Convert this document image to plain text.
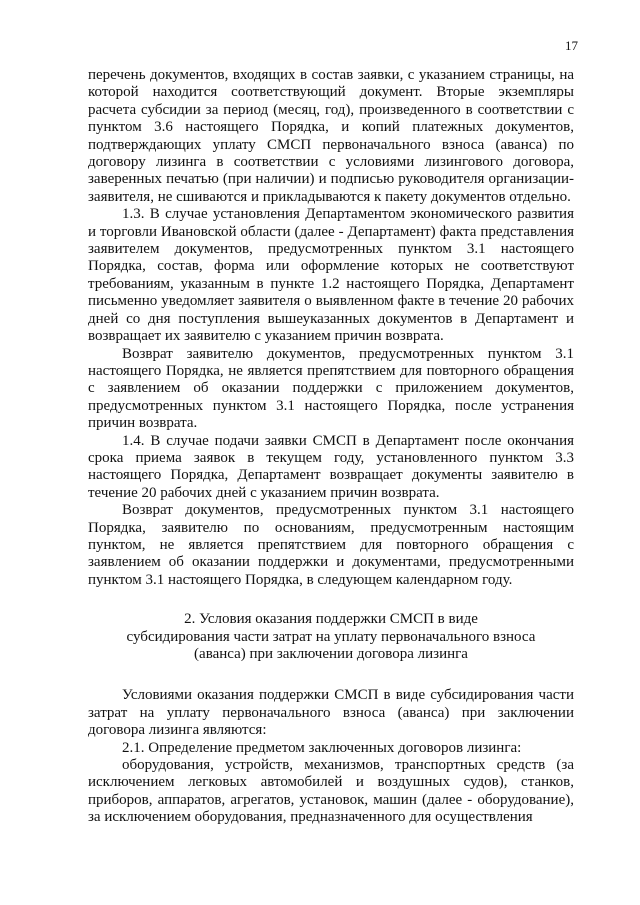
17

перечень документов, входящих в состав заявки, с указанием страницы, на которой находится соответствующий документ. Вторые экземпляры расчета субсидии за период (месяц, год), произведенного в соответствии с пунктом 3.6 настоящего Порядка, и копий платежных документов, подтверждающих уплату СМСП первоначального взноса (аванса) по договору лизинга в соответствии с условиями лизингового договора, заверенных печатью (при наличии) и подписью руководителя организации-заявителя, не сшиваются и прикладываются к пакету документов отдельно.

1.3. В случае установления Департаментом экономического развития и торговли Ивановской области (далее - Департамент) факта представления заявителем документов, предусмотренных пунктом 3.1 настоящего Порядка, состав, форма или оформление которых не соответствуют требованиям, указанным в пункте 1.2 настоящего Порядка, Департамент письменно уведомляет заявителя о выявленном факте в течение 20 рабочих дней со дня поступления вышеуказанных документов в Департамент и возвращает их заявителю с указанием причин возврата.

Возврат заявителю документов, предусмотренных пунктом 3.1 настоящего Порядка, не является препятствием для повторного обращения с заявлением об оказании поддержки с приложением документов, предусмотренных пунктом 3.1 настоящего Порядка, после устранения причин возврата.

1.4. В случае подачи заявки СМСП в Департамент после окончания срока приема заявок в текущем году, установленного пунктом 3.3 настоящего Порядка, Департамент возвращает документы заявителю в течение 20 рабочих дней с указанием причин возврата.

Возврат документов, предусмотренных пунктом 3.1 настоящего Порядка, заявителю по основаниям, предусмотренным настоящим пунктом, не является препятствием для повторного обращения с заявлением об оказании поддержки и документами, предусмотренными пунктом 3.1 настоящего Порядка, в следующем календарном году.

2. Условия оказания поддержки СМСП в виде
субсидирования части затрат на уплату первоначального взноса
(аванса) при заключении договора лизинга

Условиями оказания поддержки СМСП в виде субсидирования части затрат на уплату первоначального взноса (аванса) при заключении договора лизинга являются:

2.1. Определение предметом заключенных договоров лизинга:

оборудования, устройств, механизмов, транспортных средств (за исключением легковых автомобилей и воздушных судов), станков, приборов, аппаратов, агрегатов, установок, машин (далее - оборудование), за исключением оборудования, предназначенного для осуществления
